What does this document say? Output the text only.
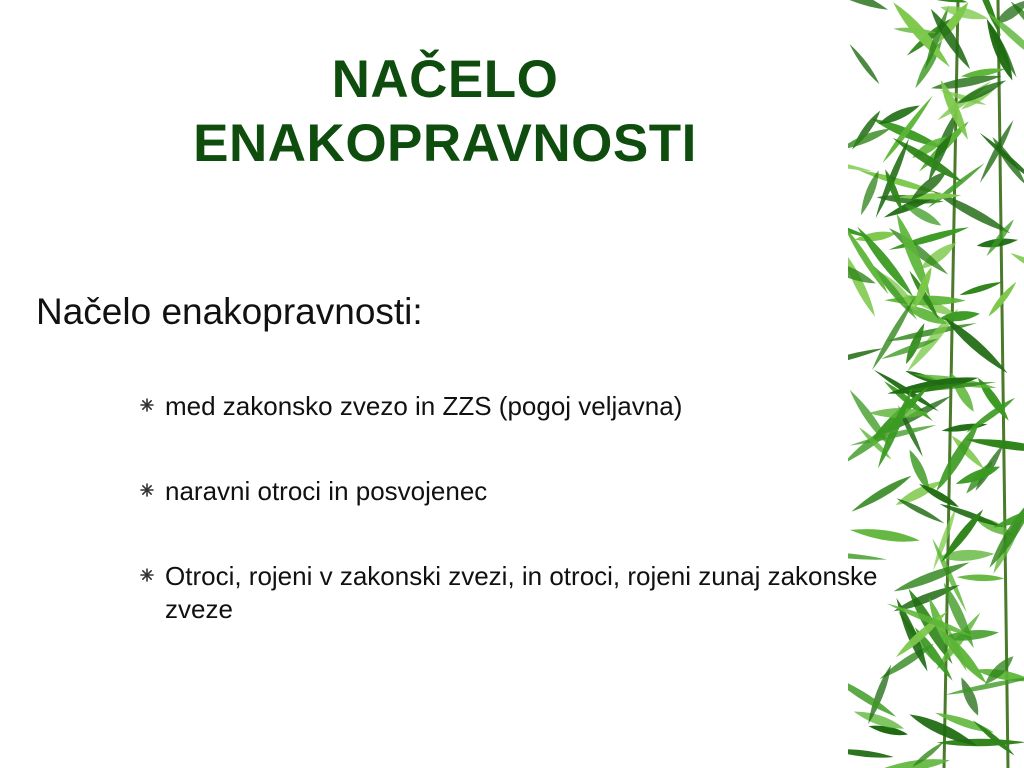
NAČELO
ENAKOPRAVNOSTI
Načelo enakopravnosti:
med zakonsko zvezo in ZZS (pogoj veljavna)
naravni otroci in posvojenec
Otroci, rojeni v zakonski zvezi, in otroci, rojeni zunaj zakonske zveze
